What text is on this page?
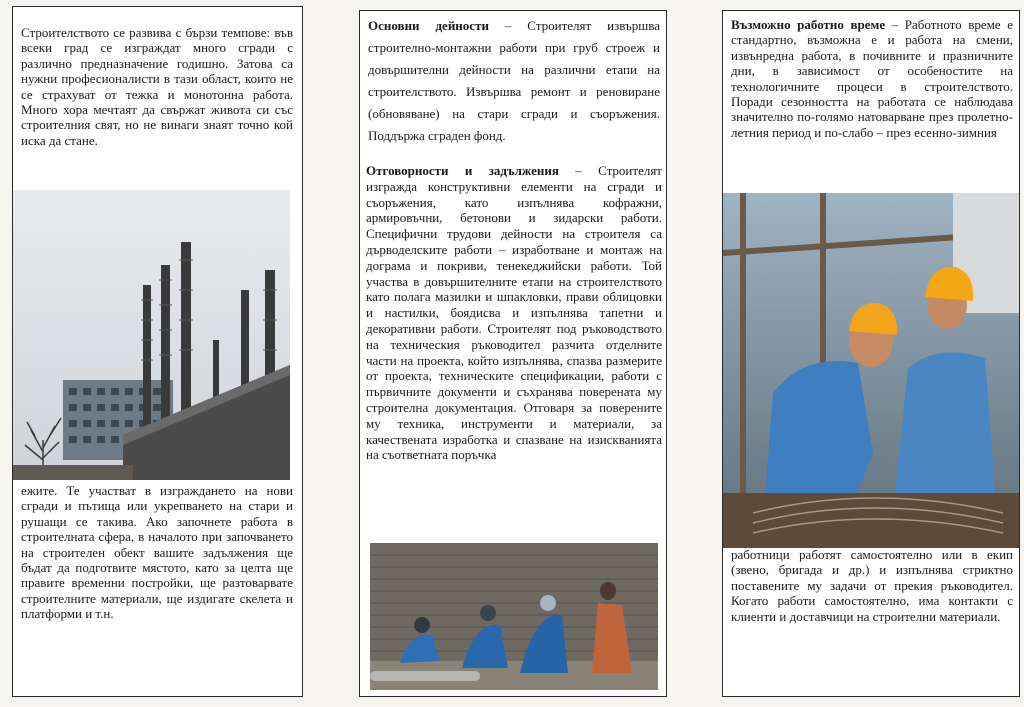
Строителството се развива с бързи темпове: във всеки град се изграждат много сгради с различно предназначение годишно. Затова са нужни професионалисти в тази област, които не се страхуват от тежка и монотонна работа. Много хора мечтаят да свържат живота си със строителния свят, но не винаги знаят точно кой иска да стане.

ежите. Те участват в изграждането на нови сгради и пътища или укрепването на стари и рушащи се такива. Ако започнете работа в строителната сфера, в началото при започването на строителен обект вашите задължения ще бъдат да подготвите мястото, като за целта ще правите временни постройки, ще разтоварвате строителните материали, ще издигате скелета и платформи и т.н.

Основни дейности – Строителят извършва строително-монтажни работи при груб строеж и довършителни дейности на различни етапи на строителството. Извършва ремонт и реновиране (обновяване) на стари сгради и съоръжения. Поддържа сграден фонд.

Отговорности и задължения – Строителят изгражда конструктивни елементи на сгради и съоръжения, като изпълнява кофражни, армировъчни, бетонови и зидарски работи. Специфични трудови дейности на строителя са дърводелските работи – изработване и монтаж на дограма и покриви, тенекеджийски работи. Той участва в довършителните етапи на строителството като полага мазилки и шпакловки, прави облицовки и настилки, боядисва и изпълнява тапетни и декоративни работи. Строителят под ръководството на техническия ръководител разчита отделните части на проекта, който изпълнява, спазва размерите от проекта, техническите спецификации, работи с първичните документи и съхранява поверената му строителна документация. Отговаря за поверените му техника, инструменти и материали, за качествената изработка и спазване на изискванията на съответната поръчка

Възможно работно време – Работното време е стандартно, възможна е и работа на смени, извънредна работа, в почивните и празничните дни, в зависимост от особеностите на технологичните процеси в строителството. Поради сезонността на работата се наблюдава значително по-голямо натоварване през пролетно-летния период и по-слабо – през есенно-зимния

работници работят самостоятелно или в екип (звено, бригада и др.) и изпълнява стриктно поставените му задачи от прекия ръководител. Когато работи самостоятелно, има контакти с клиенти и доставчици на строителни материали.
